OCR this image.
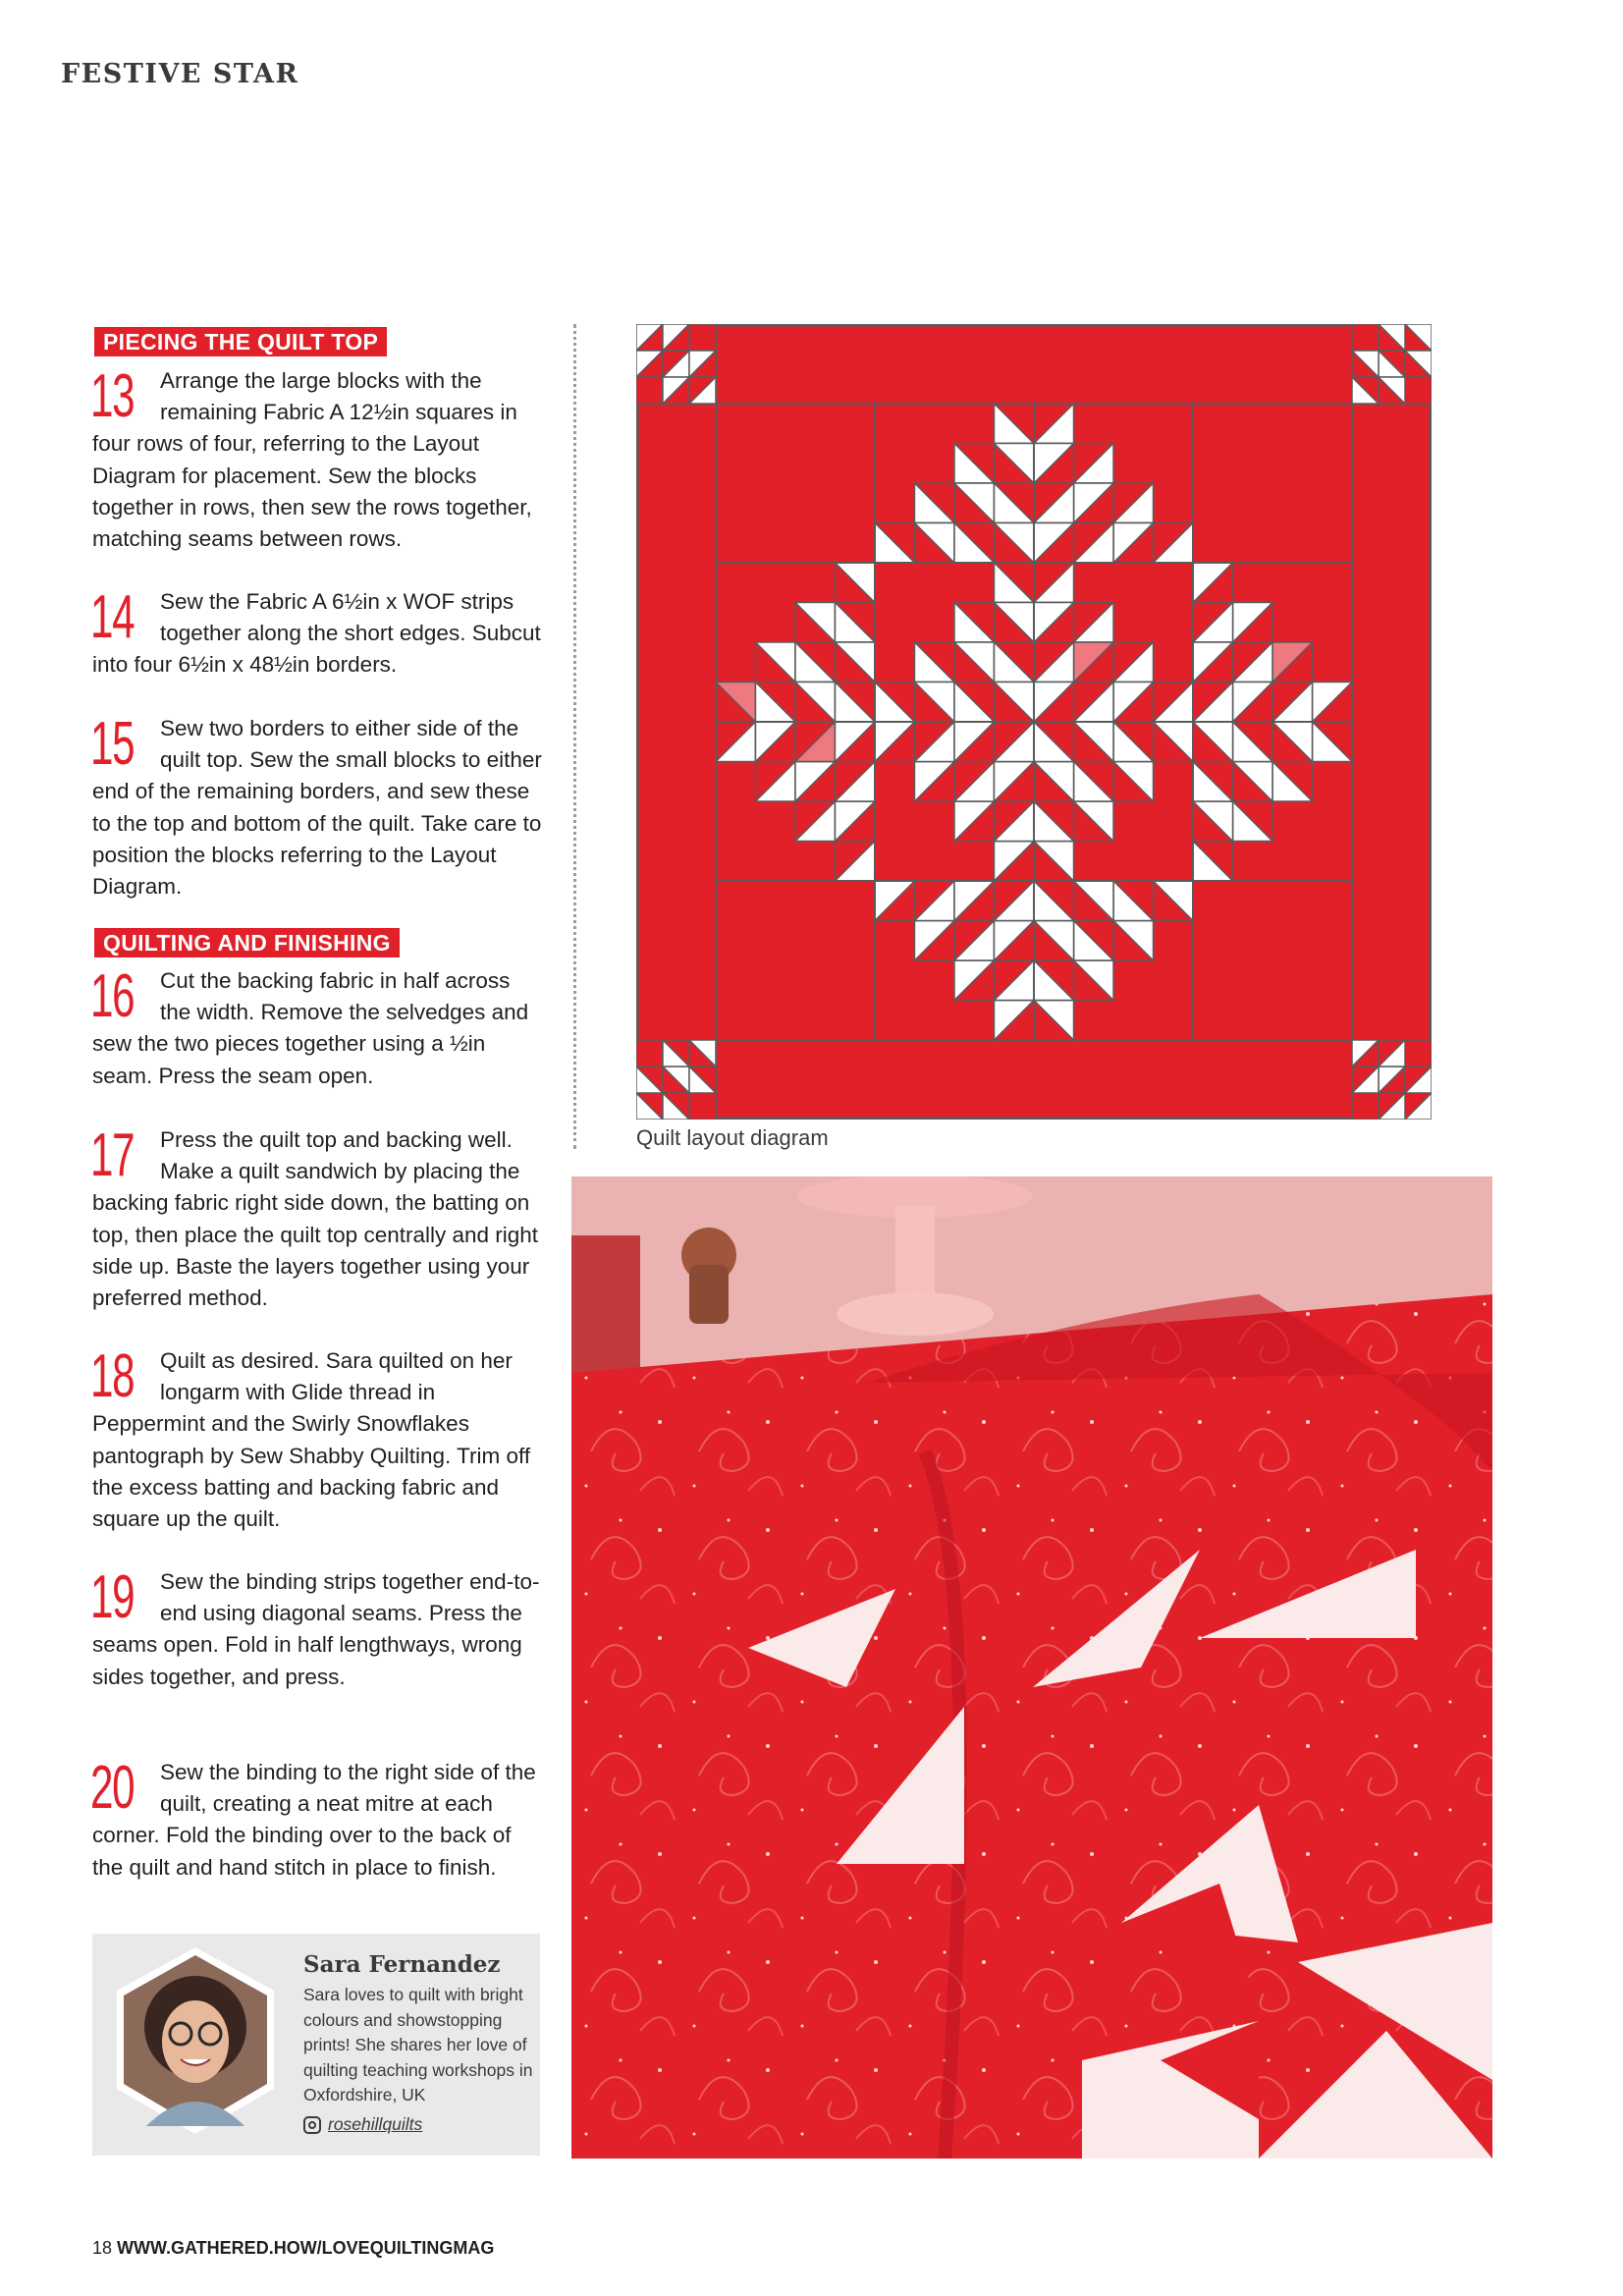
FESTIVE STAR
PIECING THE QUILT TOP
QUILTING AND FINISHING
13	Arrange the large blocks with the remaining Fabric A 12½in squares in four rows of four, referring to the Layout Diagram for placement. Sew the blocks together in rows, then sew the rows together, matching seams between rows.

14	Sew the Fabric A 6½in x WOF strips together along the short edges. Subcut into four 6½in x 48½in borders.

15	Sew two borders to either side of the quilt top. Sew the small blocks to either end of the remaining borders, and sew these to the top and bottom of the quilt. Take care to position the blocks referring to the Layout Diagram.

16	Cut the backing fabric in half across the width. Remove the selvedges and sew the two pieces together using a ½in seam. Press the seam open.

17	Press the quilt top and backing well. Make a quilt sandwich by placing the backing fabric right side down, the batting on top, then place the quilt top centrally and right side up. Baste the layers together using your preferred method.

18	Quilt as desired. Sara quilted on her longarm with Glide thread in Peppermint and the Swirly Snowflakes pantograph by Sew Shabby Quilting. Trim off the excess batting and backing fabric and square up the quilt.

19	Sew the binding strips together end-to-end using diagonal seams. Press the seams open. Fold in half lengthways, wrong sides together, and press.

20	Sew the binding to the right side of the quilt, creating a neat mitre at each corner. Fold the binding over to the back of the quilt and hand stitch in place to finish.

Quilt layout diagram
Sara Fernandez
Sara loves to quilt with bright colours and showstopping prints! She shares her love of quilting teaching workshops in Oxfordshire, UK
rosehillquilts
18 WWW.GATHERED.HOW/LOVEQUILTINGMAG
